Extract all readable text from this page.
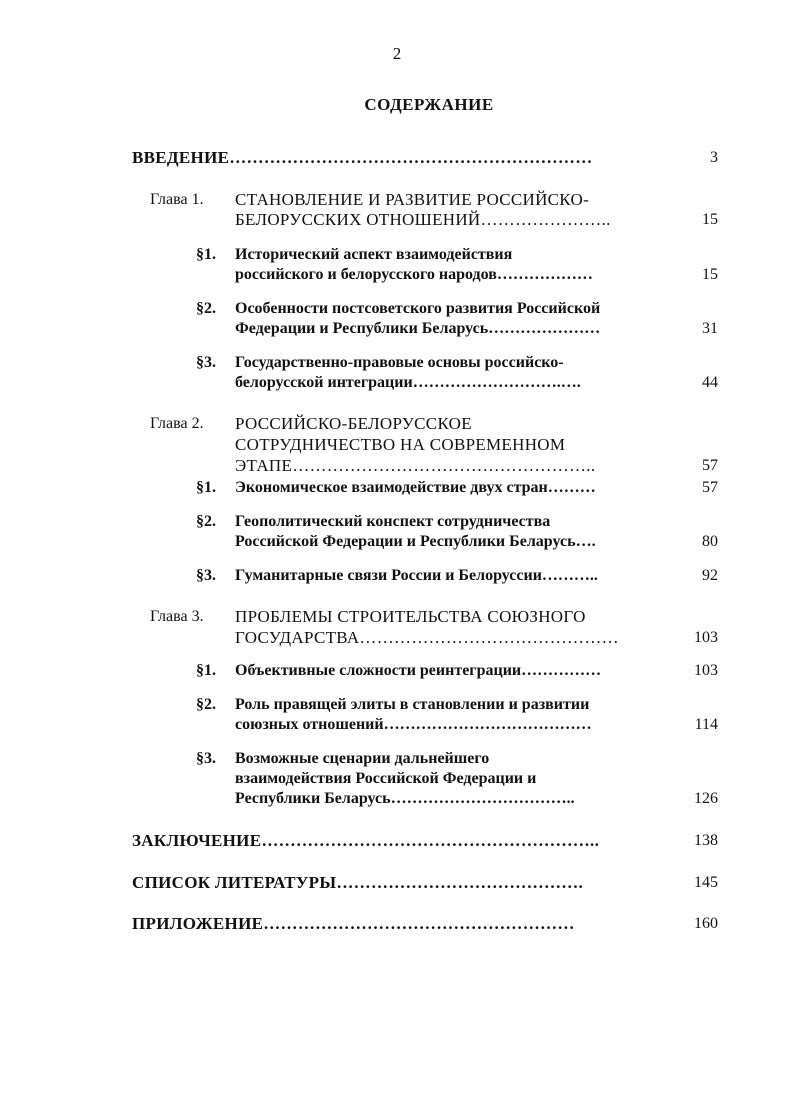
2
СОДЕРЖАНИЕ
ВВЕДЕНИЕ………………………………………………………	3
Глава 1. СТАНОВЛЕНИЕ И РАЗВИТИЕ РОССИЙСКО-
БЕЛОРУССКИХ ОТНОШЕНИЙ…………………..	15
§1. Исторический аспект взаимодействия
российского и белорусского народов………………	15
§2. Особенности постсоветского развития Российской
Федерации и Республики Беларусь…………………	31
§3. Государственно-правовые основы российско-
белорусской интеграции……………………….….	44
Глава 2. РОССИЙСКО-БЕЛОРУССКОЕ
СОТРУДНИЧЕСТВО НА СОВРЕМЕННОМ
ЭТАПЕ……………………………………………..	57
§1. Экономическое взаимодействие двух стран………	57
§2. Геополитический конспект сотрудничества
Российской Федерации и Республики Беларусь….	80
§3. Гуманитарные связи России и Белоруссии………..	92
Глава 3. ПРОБЛЕМЫ СТРОИТЕЛЬСТВА СОЮЗНОГО
ГОСУДАРСТВА………………………………………	103
§1. Объективные сложности реинтеграции……………	103
§2. Роль правящей элиты в становлении и развитии
союзных отношений…………………………………	114
§3. Возможные сценарии дальнейшего
взаимодействия Российской Федерации и
Республики Беларусь……………………………..	126
ЗАКЛЮЧЕНИЕ…………………………………………………..	138
СПИСОК ЛИТЕРАТУРЫ…………………………………….	145
ПРИЛОЖЕНИЕ………………………………………………	160
